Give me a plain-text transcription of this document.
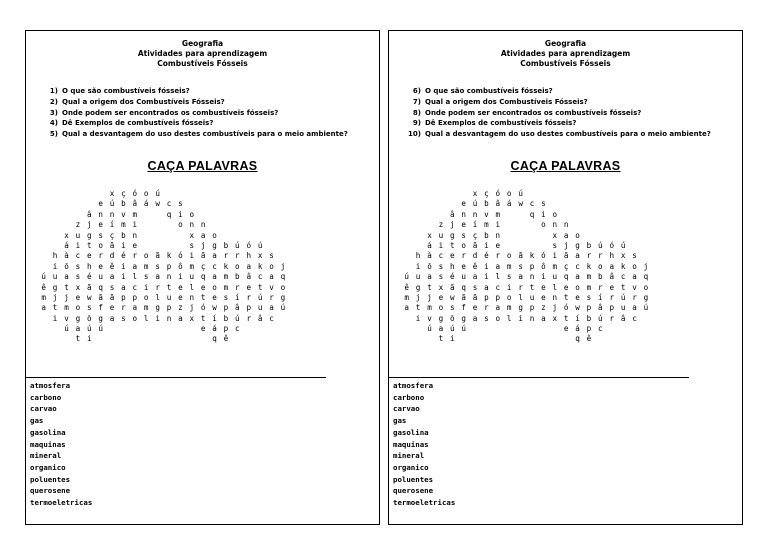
Geografia
Atividades para aprendizagem
Combustíveis Fósseis
1) O que são combustíveis fósseis?
2) Qual a origem dos Combustíveis Fósseis?
3) Onde podem ser encontrados os combustíveis fósseis?
4) Dê Exemplos de combustíveis fósseis?
5) Qual a desvantagem do uso destes combustíveis para o meio ambiente?
CAÇA PALAVRAS

x ç ó o ú

e ú b â á w c s

â n n v m

	q i o

z j e í m i

	o n n

x u g s ç b n

	x a o

á i t o ã i e

	s j g b ú ó ú

h à c e r d é r o ã k ó i ã a r r h x s

i õ s h e ê i a m s p ô m ç c k o a k o j
ú u a s é u a i l s a n i u q a m b â c a q
ê g t x ã q s a c i r t e l e o m r e t v o
m j j e w ã ã p p o l u e n t e s í r ú r g
a t m o s f e r a m g p z j ó w p â p u a ú

i v g õ g a s o l i n a x t í b ú r â c

ú a ú ú

	e á p c

t i

	q ê
atmosfera
carbono
carvao
gas
gasolina
maquinas
mineral
organico
poluentes
querosene
termoeletricas
Geografia
Atividades para aprendizagem
Combustíveis Fósseis
6) O que são combustíveis fósseis?
7) Qual a origem dos Combustíveis Fósseis?
8) Onde podem ser encontrados os combustíveis fósseis?
9) Dê Exemplos de combustíveis fósseis?
10) Qual a desvantagem do uso destes combustíveis para o meio ambiente?
CAÇA PALAVRAS

x ç ó o ú

e ú b â á w c s

â n n v m

	q i o

z j e í m i

	o n n

x u g s ç b n

	x a o

á i t o ã i e

	s j g b ú ó ú

h à c e r d é r o ã k ó i ã a r r h x s

i õ s h e ê i a m s p ô m ç c k o a k o j
ú u a s é u a i l s a n i u q a m b â c a q
ê g t x ã q s a c i r t e l e o m r e t v o
m j j e w ã ã p p o l u e n t e s í r ú r g
a t m o s f e r a m g p z j ó w p â p u a ú

i v g õ g a s o l i n a x t í b ú r â c

ú a ú ú

	e á p c

t i

	q ê
atmosfera
carbono
carvao
gas
gasolina
maquinas
mineral
organico
poluentes
querosene
termoeletricas
